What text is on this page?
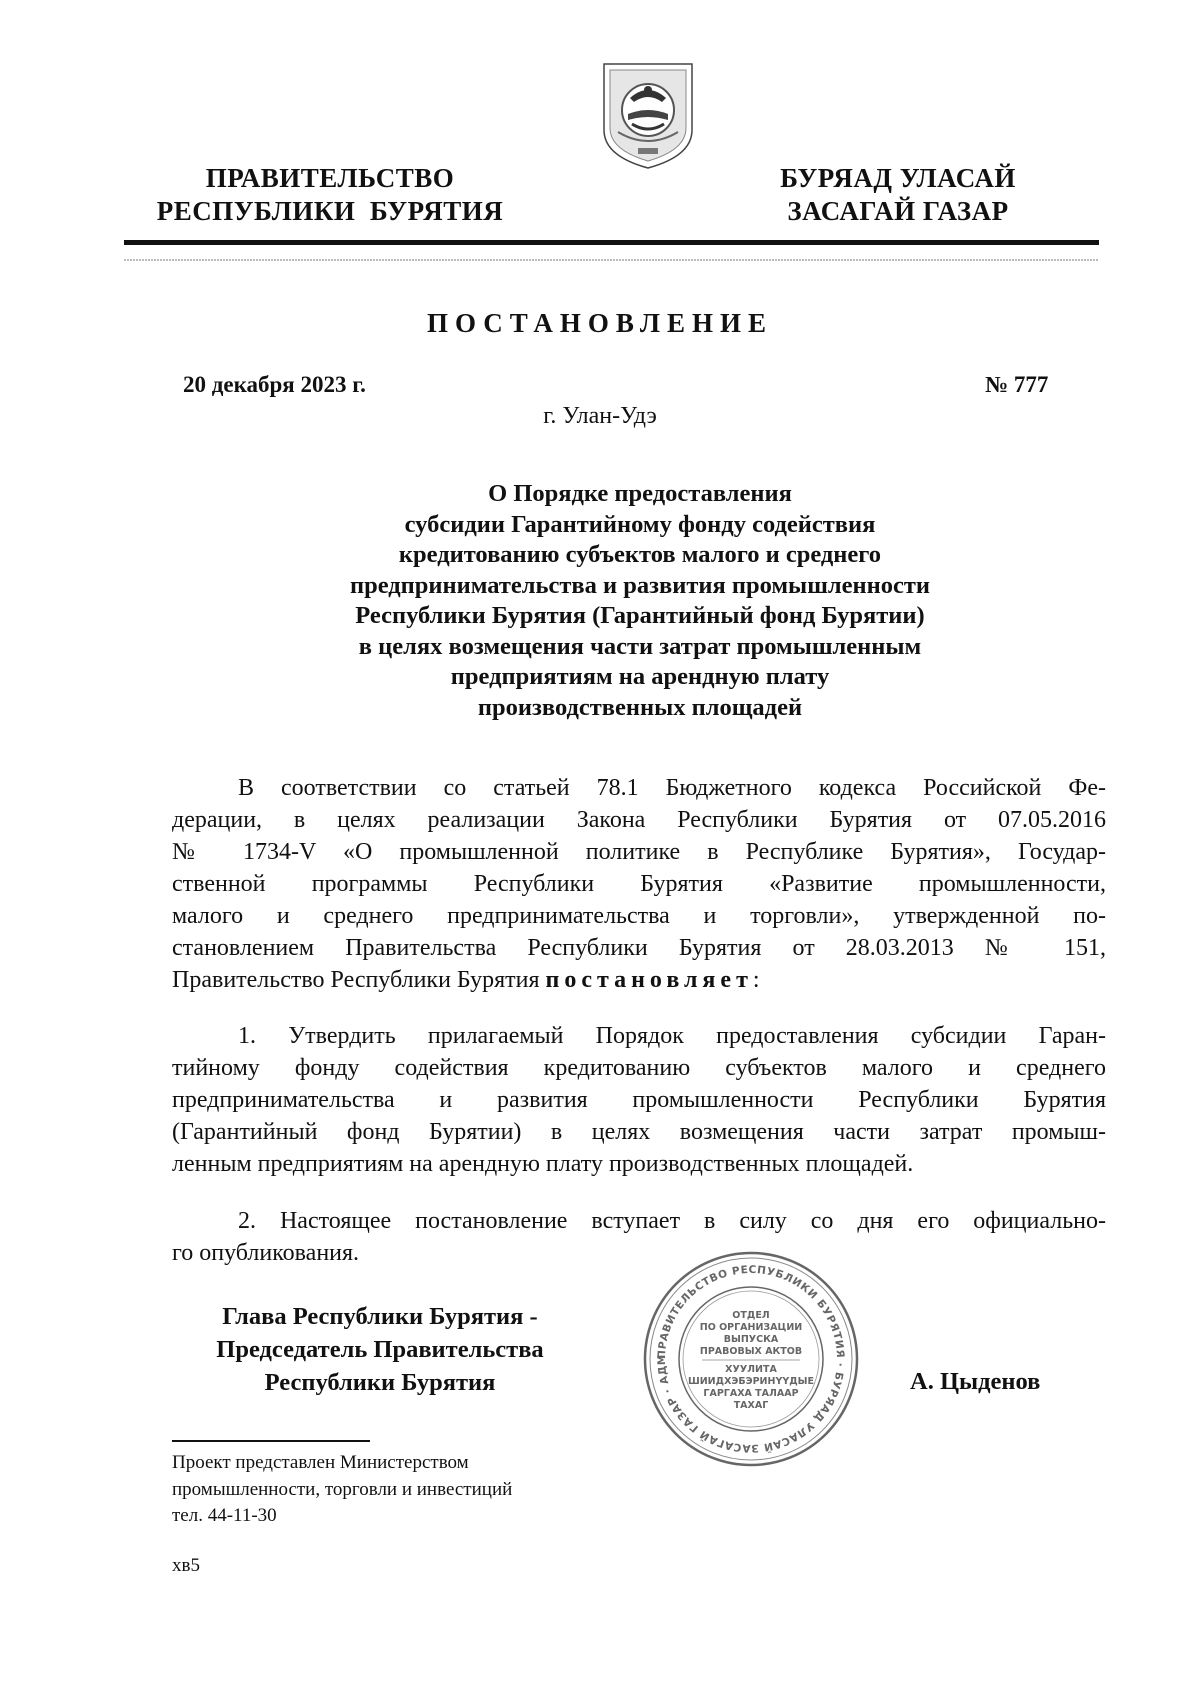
ПРАВИТЕЛЬСТВО
РЕСПУБЛИКИ  БУРЯТИЯ
БУРЯАД УЛАСАЙ
ЗАСАГАЙ ГАЗАР
ПОСТАНОВЛЕНИЕ
20 декабря 2023 г.	№ 777
г. Улан-Удэ
О Порядке предоставления
субсидии Гарантийному фонду содействия
кредитованию субъектов малого и среднего
предпринимательства и развития промышленности
Республики Бурятия (Гарантийный фонд Бурятии)
в целях возмещения части затрат промышленным
предприятиям на арендную плату
производственных площадей
В соответствии со статьей 78.1 Бюджетного кодекса Российской Фе-
дерации, в целях реализации Закона Республики Бурятия от 07.05.2016
№ 1734-V «О промышленной политике в Республике Бурятия», Государ-
ственной программы Республики Бурятия «Развитие промышленности,
малого и среднего предпринимательства и торговли», утвержденной по-
становлением Правительства Республики Бурятия от 28.03.2013 № 151,
Правительство Республики Бурятия постановляет:
1. Утвердить прилагаемый Порядок предоставления субсидии Гаран-
тийному фонду содействия кредитованию субъектов малого и среднего
предпринимательства и развития промышленности Республики Бурятия
(Гарантийный фонд Бурятии) в целях возмещения части затрат промыш-
ленным предприятиям на арендную плату производственных площадей.
2. Настоящее постановление вступает в силу со дня его официально-
го опубликования.
Глава Республики Бурятия -
Председатель Правительства
Республики Бурятия
ПРАВИТЕЛЬСТВО РЕСПУБЛИКИ БУРЯТИЯ · БУРЯАД УЛАСАЙ ЗАСАГАЙ ГАЗАР · АДМ
ОТДЕЛ
ПО ОРГАНИЗАЦИИ
ВЫПУСКА
ПРАВОВЫХ АКТОВ
ХУУЛИТА
ШИИДХЭБЭРИНҮҮДЫЕ
ГАРГАХА ТАЛААР
ТАХАГ
А. Цыденов
Проект представлен Министерством
промышленности, торговли и инвестиций
тел. 44-11-30
хв5
